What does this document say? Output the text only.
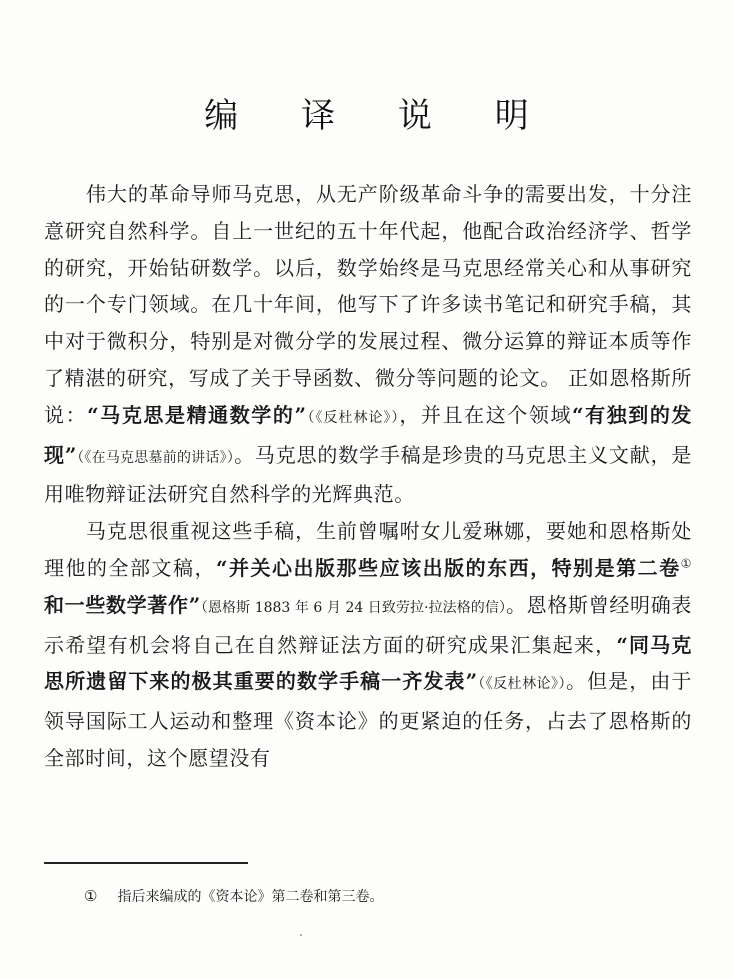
编 译 说 明

伟大的革命导师马克思，从无产阶级革命斗争的需要出发，十分注意研究自然科学。自上一世纪的五十年代起，他配合政治经济学、哲学的研究，开始钻研数学。以后，数学始终是马克思经常关心和从事研究的一个专门领域。在几十年间，他写下了许多读书笔记和研究手稿，其中对于微积分，特别是对微分学的发展过程、微分运算的辩证本质等作了精湛的研究，写成了关于导函数、微分等问题的论文。 正如恩格斯所说：“马克思是精通数学的”（《反杜林论》），并且在这个领域“有独到的发现”（《在马克思墓前的讲话》）。马克思的数学手稿是珍贵的马克思主义文献，是用唯物辩证法研究自然科学的光辉典范。

马克思很重视这些手稿，生前曾嘱咐女儿爱琳娜，要她和恩格斯处理他的全部文稿，“并关心出版那些应该出版的东西，特别是第二卷① 和一些数学著作”（恩格斯 1883 年 6 月 24 日致劳拉·拉法格的信）。恩格斯曾经明确表示希望有机会将自己在自然辩证法方面的研究成果汇集起来，“同马克思所遗留下来的极其重要的数学手稿一齐发表”（《反杜林论》）。但是，由于领导国际工人运动和整理《资本论》的更紧迫的任务，占去了恩格斯的全部时间，这个愿望没有

① 指后来编成的《资本论》第二卷和第三卷。
